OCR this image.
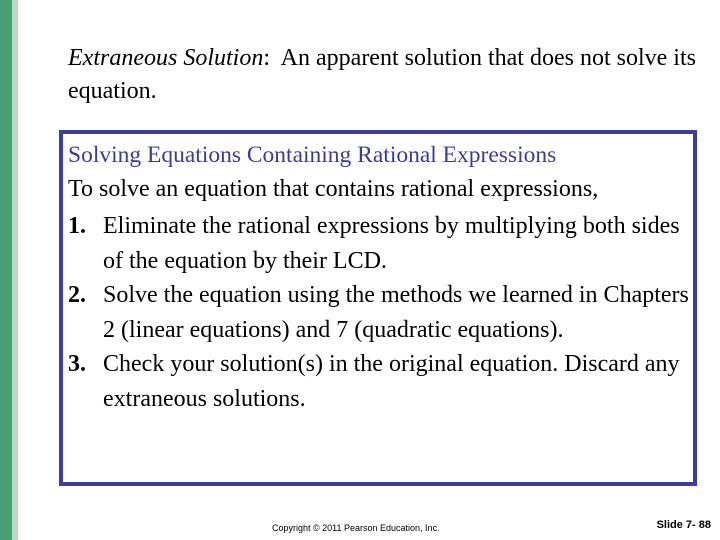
Extraneous Solution:  An apparent solution that does not solve its equation.

Solving Equations Containing Rational Expressions
To solve an equation that contains rational expressions,
1. Eliminate the rational expressions by multiplying both sides of the equation by their LCD.
2. Solve the equation using the methods we learned in Chapters 2 (linear equations) and 7 (quadratic equations).
3. Check your solution(s) in the original equation. Discard any extraneous solutions.
Copyright © 2011 Pearson Education, Inc.	Slide 7- 88
